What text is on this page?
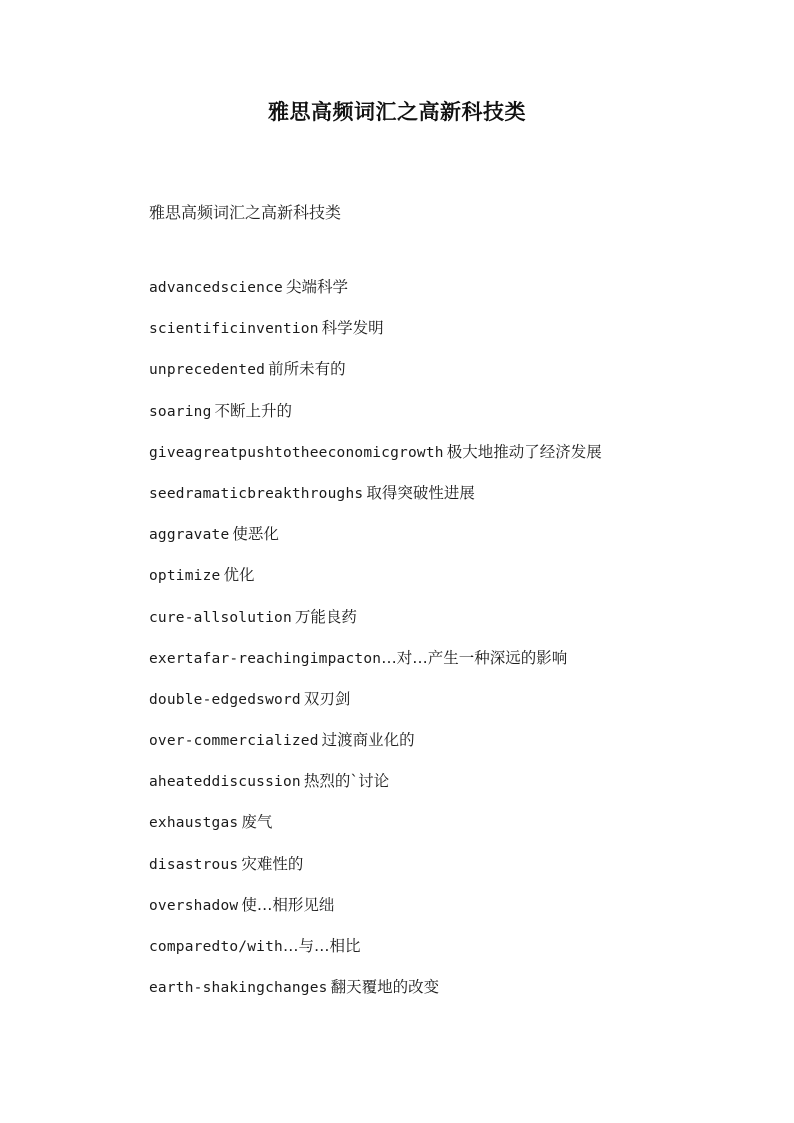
雅思高频词汇之高新科技类

雅思高频词汇之高新科技类

advancedscience 尖端科学
scientificinvention 科学发明
unprecedented 前所未有的
soaring 不断上升的
giveagreatpushtotheeconomicgrowth 极大地推动了经济发展
seedramaticbreakthroughs 取得突破性进展
aggravate 使恶化
optimize 优化
cure-allsolution 万能良药
exertafar-reachingimpacton…对…产生一种深远的影响
double-edgedsword 双刃剑
over-commercialized 过渡商业化的
aheateddiscussion 热烈的`讨论
exhaustgas 废气
disastrous 灾难性的
overshadow 使…相形见绌
comparedto/with…与…相比
earth-shakingchanges 翻天覆地的改变
